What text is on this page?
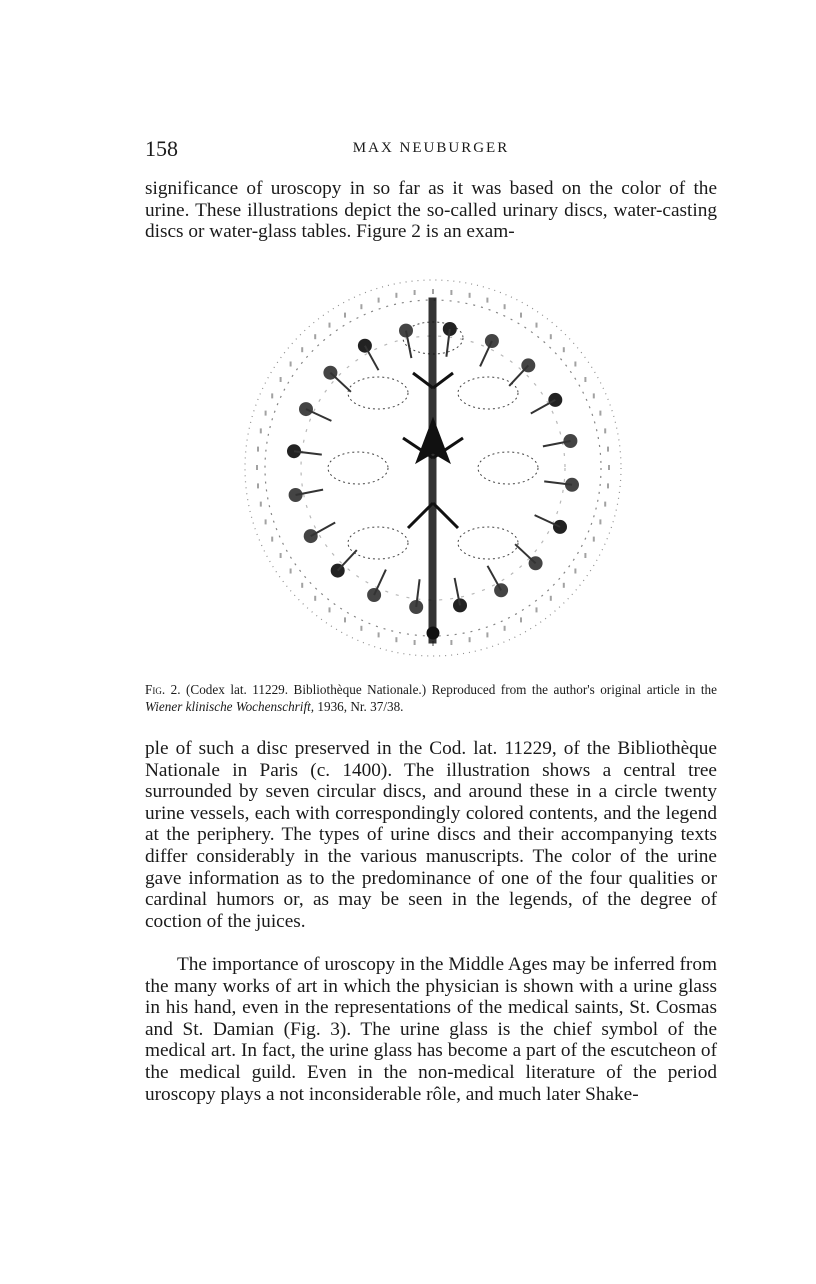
158	MAX NEUBURGER

significance of uroscopy in so far as it was based on the color of the urine. These illustrations depict the so-called urinary discs, water-casting discs or water-glass tables. Figure 2 is an exam-

Fig. 2. (Codex lat. 11229. Bibliothèque Nationale.) Reproduced from the author's original article in the Wiener klinische Wochenschrift, 1936, Nr. 37/38.

ple of such a disc preserved in the Cod. lat. 11229, of the Bibliothèque Nationale in Paris (c. 1400). The illustration shows a central tree surrounded by seven circular discs, and around these in a circle twenty urine vessels, each with correspondingly colored contents, and the legend at the periphery. The types of urine discs and their accompanying texts differ considerably in the various manuscripts. The color of the urine gave information as to the predominance of one of the four qualities or cardinal humors or, as may be seen in the legends, of the degree of coction of the juices.

The importance of uroscopy in the Middle Ages may be inferred from the many works of art in which the physician is shown with a urine glass in his hand, even in the representations of the medical saints, St. Cosmas and St. Damian (Fig. 3). The urine glass is the chief symbol of the medical art. In fact, the urine glass has become a part of the escutcheon of the medical guild. Even in the non-medical literature of the period uroscopy plays a not inconsiderable rôle, and much later Shake-
